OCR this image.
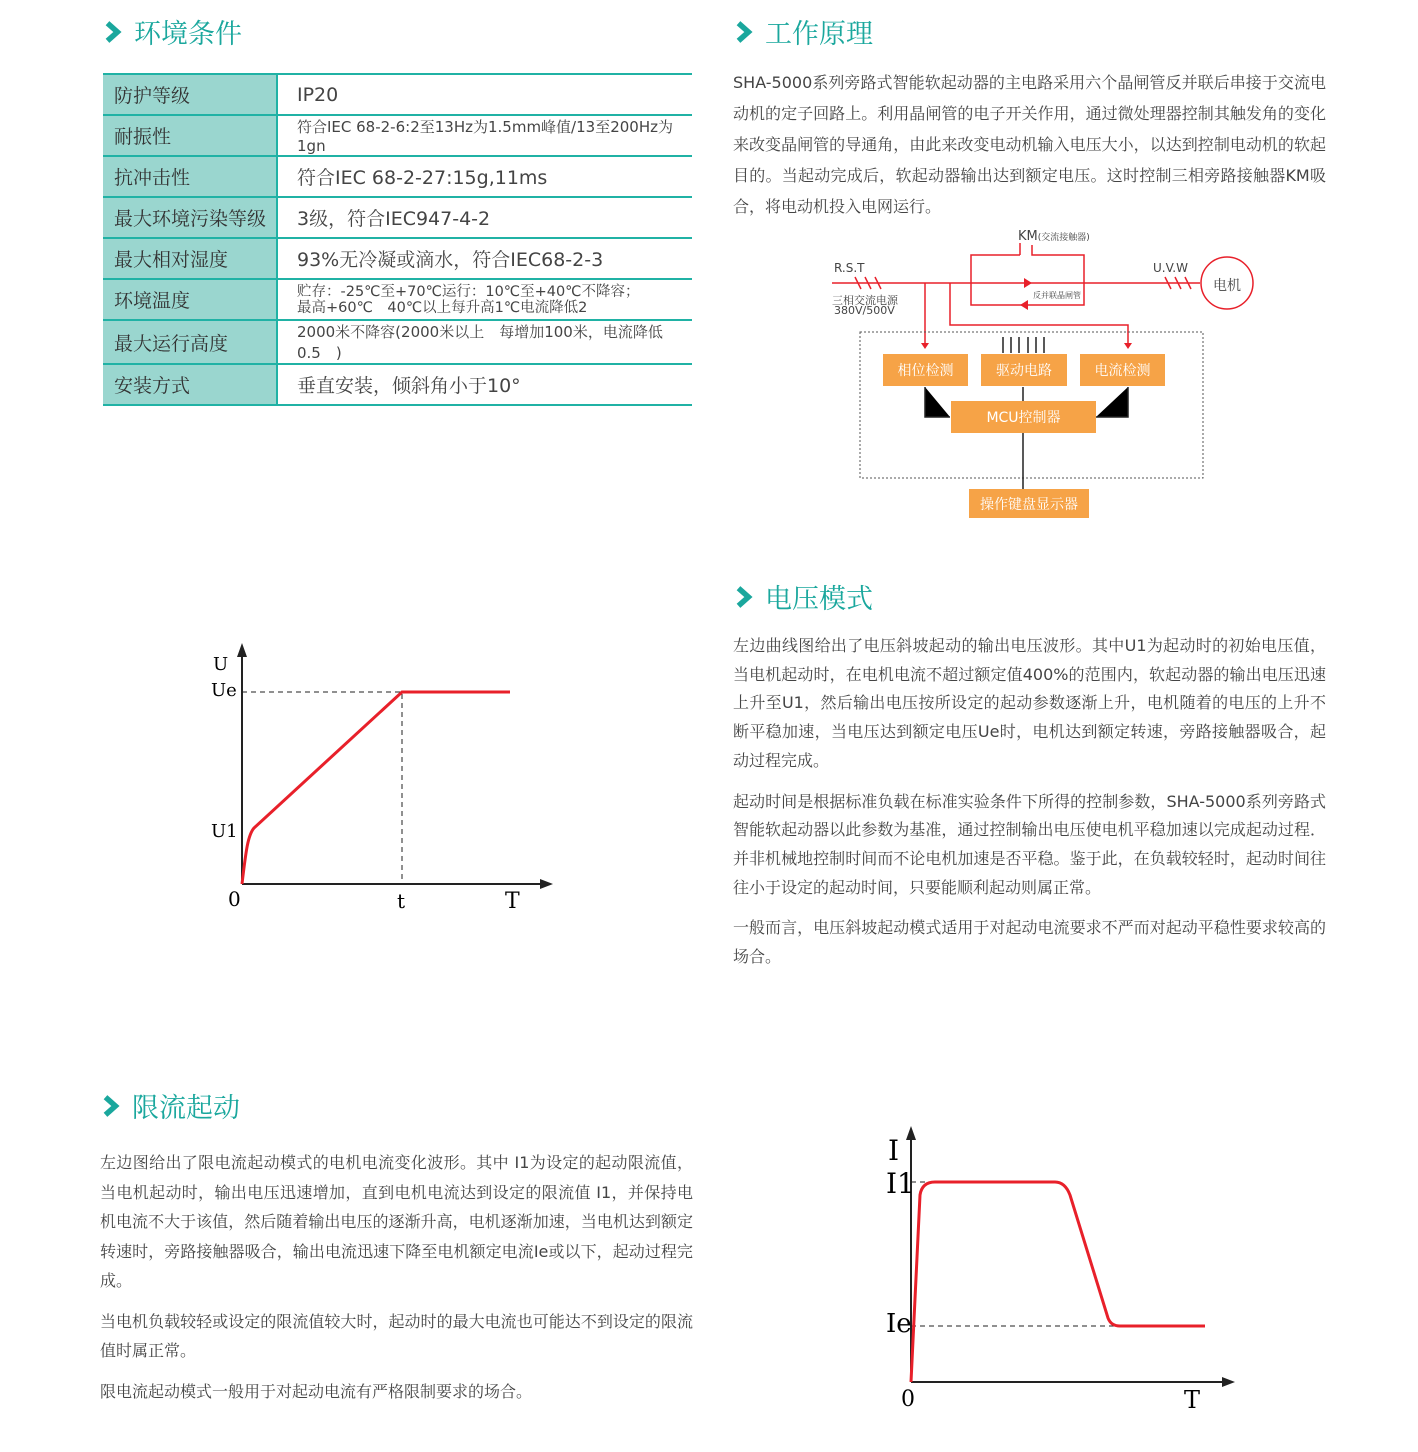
环境条件	工作原理
电压模式
限流起动
防护等级	IP20
耐振性	符合IEC 68-2-6:2至13Hz为1.5mm峰值/13至200Hz为1gn
抗冲击性	符合IEC 68-2-27:15g,11ms
最大环境污染等级	3级，符合IEC947-4-2
最大相对湿度	93%无冷凝或滴水，符合IEC68-2-3
环境温度	贮存：-25℃至+70℃运行：10℃至+40℃不降容；
最高+60℃　40℃以上每升高1℃电流降低2

最大运行高度	2000米不降容(2000米以上　每增加100米，电流降低0.5　)
安装方式	垂直安装，倾斜角小于10°

SHA-5000系列旁路式智能软起动器的主电路采用六个晶闸管反并联后串接于交流电动机的定子回路上。利用晶闸管的电子开关作用，通过微处理器控制其触发角的变化来改变晶闸管的导通角，由此来改变电动机输入电压大小，以达到控制电动机的软起目的。当起动完成后，软起动器输出达到额定电压。这时控制三相旁路接触器KM吸合，将电动机投入电网运行。

KM(交流接触器)
R.S.T
三相交流电源
380V/500V
U.V.W
电机
反并联晶闸管
相位检测	驱动电路	电流检测
MCU控制器
操作键盘显示器
U
Ue
U1
0	t	T

左边曲线图给出了电压斜坡起动的输出电压波形。其中U1为起动时的初始电压值，当电机起动时，在电机电流不超过额定值400%的范围内，软起动器的输出电压迅速上升至U1，然后输出电压按所设定的起动参数逐渐上升，电机随着的电压的上升不断平稳加速，当电压达到额定电压Ue时，电机达到额定转速，旁路接触器吸合，起动过程完成。

起动时间是根据标准负载在标准实验条件下所得的控制参数，SHA-5000系列旁路式智能软起动器以此参数为基准，通过控制输出电压使电机平稳加速以完成起动过程．并非机械地控制时间而不论电机加速是否平稳。鉴于此，在负载较轻时，起动时间往往小于设定的起动时间，只要能顺利起动则属正常。

一般而言，电压斜坡起动模式适用于对起动电流要求不严而对起动平稳性要求较高的场合。

左边图给出了限电流起动模式的电机电流变化波形。其中 I1为设定的起动限流值，当电机起动时，输出电压迅速增加，直到电机电流达到设定的限流值 I1，并保持电机电流不大于该值，然后随着输出电压的逐渐升高，电机逐渐加速，当电机达到额定转速时，旁路接触器吸合，输出电流迅速下降至电机额定电流Ie或以下，起动过程完成。

当电机负载较轻或设定的限流值较大时，起动时的最大电流也可能达不到设定的限流值时属正常。

限电流起动模式一般用于对起动电流有严格限制要求的场合。

I
I1
Ie
0	T
